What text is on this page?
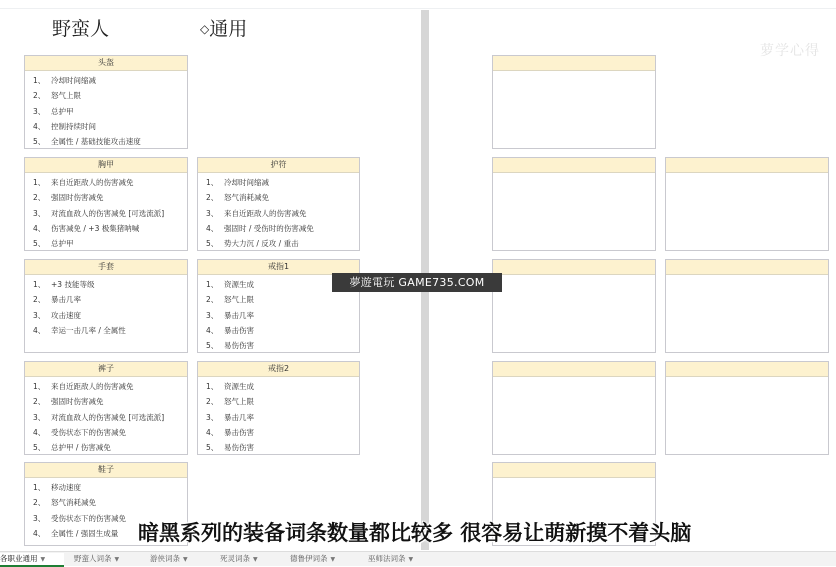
野蛮人	◇通用
萝学心得
头盔
1、 冷却时间缩减
2、 怒气上限
3、 总护甲
4、 控制持续时间
5、 全属性 / 基础技能攻击速度
胸甲
1、 来自近距敌人的伤害减免
2、 强固时伤害减免
3、 对流血敌人的伤害减免 [可选流派]
4、 伤害减免 / +3 极集猪呐喊
5、 总护甲
护符
1、 冷却时间缩减
2、 怒气消耗减免
3、 来自近距敌人的伤害减免
4、 强固时 / 受伤时的伤害减免
5、 势大力沉 / 反攻 / 重击
手套
1、 +3 技能等级
2、 暴击几率
3、 攻击速度
4、 幸运一击几率 / 全属性
戒指1
1、 资源生成
2、 怒气上限
3、 暴击几率
4、 暴击伤害
5、 易伤伤害
裤子
1、 来自近距敌人的伤害减免
2、 强固时伤害减免
3、 对流血敌人的伤害减免 [可选流派]
4、 受伤状态下的伤害减免
5、 总护甲 / 伤害减免
戒指2
1、 资源生成
2、 怒气上限
3、 暴击几率
4、 暴击伤害
5、 易伤伤害
鞋子
1、 移动速度
2、 怒气消耗减免
3、 受伤状态下的伤害减免
4、 全属性 / 强固生成量
夢遊電玩 GAME735.COM
暗黑系列的装备词条数量都比较多 很容易让萌新摸不着头脑
各职业通用 ▼	野蛮人词条 ▼	游侠词条 ▼	死灵词条 ▼	德鲁伊词条 ▼	巫师法词条 ▼
